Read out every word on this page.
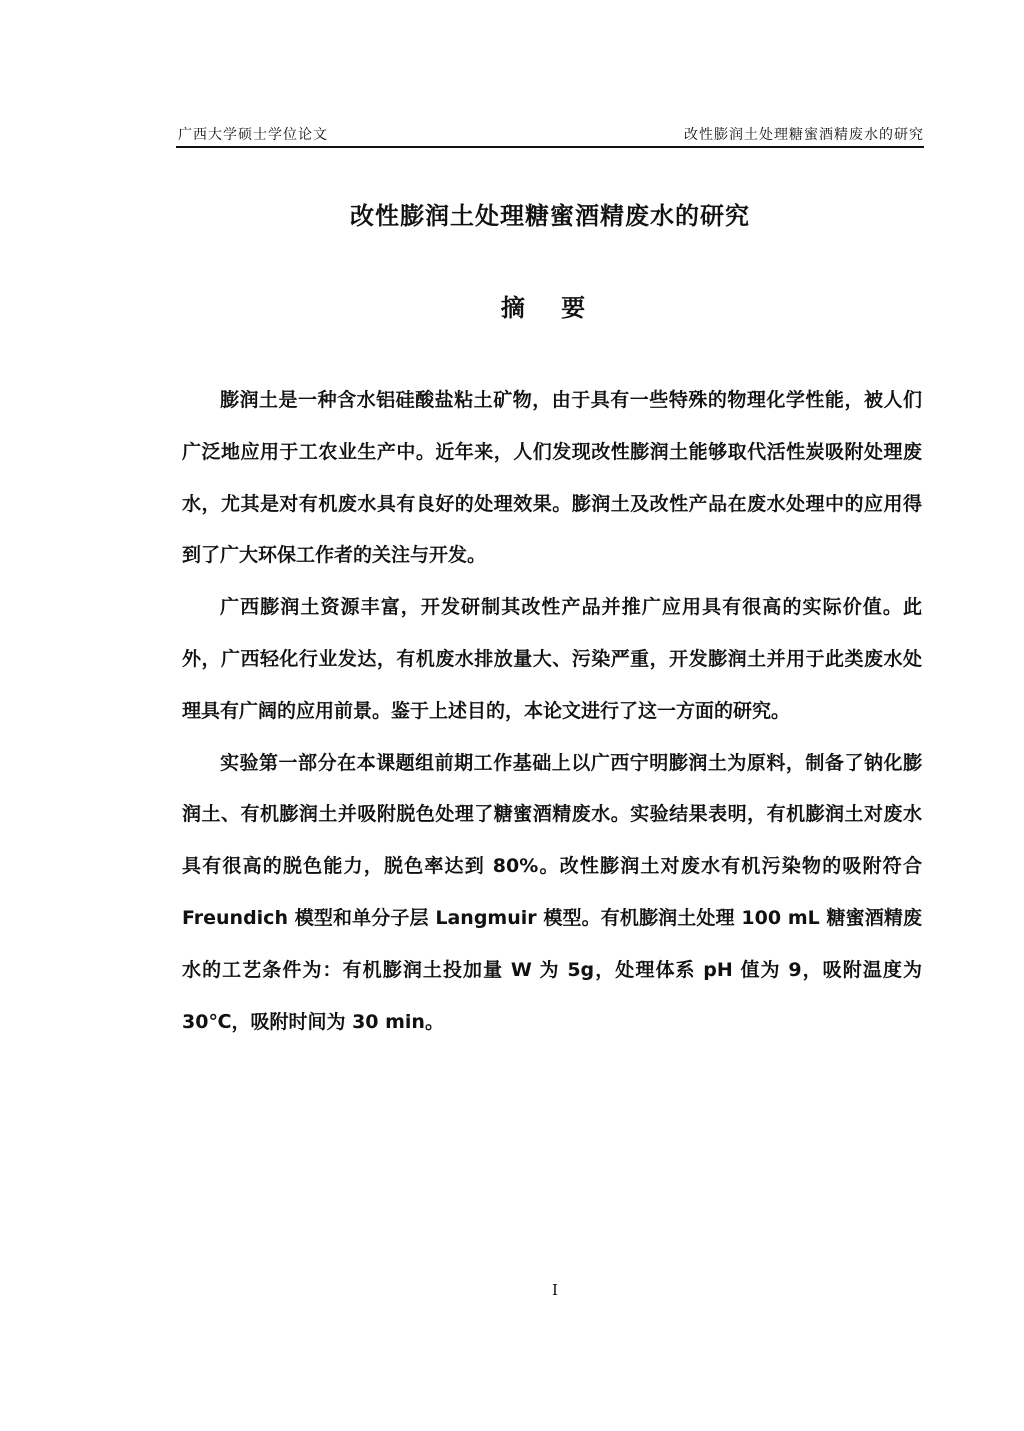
广西大学硕士学位论文	改性膨润土处理糖蜜酒精废水的研究
改性膨润土处理糖蜜酒精废水的研究
摘 要

膨润土是一种含水铝硅酸盐粘土矿物，由于具有一些特殊的物理化学性能，被人们广泛地应用于工农业生产中。近年来，人们发现改性膨润土能够取代活性炭吸附处理废水，尤其是对有机废水具有良好的处理效果。膨润土及改性产品在废水处理中的应用得到了广大环保工作者的关注与开发。

广西膨润土资源丰富，开发研制其改性产品并推广应用具有很高的实际价值。此外，广西轻化行业发达，有机废水排放量大、污染严重，开发膨润土并用于此类废水处理具有广阔的应用前景。鉴于上述目的，本论文进行了这一方面的研究。

实验第一部分在本课题组前期工作基础上以广西宁明膨润土为原料，制备了钠化膨润土、有机膨润土并吸附脱色处理了糖蜜酒精废水。实验结果表明，有机膨润土对废水具有很高的脱色能力，脱色率达到 80%。改性膨润土对废水有机污染物的吸附符合 Freundich 模型和单分子层 Langmuir 模型。有机膨润土处理 100 mL 糖蜜酒精废水的工艺条件为：有机膨润土投加量 W 为 5g，处理体系 pH 值为 9，吸附温度为 30℃，吸附时间为 30 min。

I
